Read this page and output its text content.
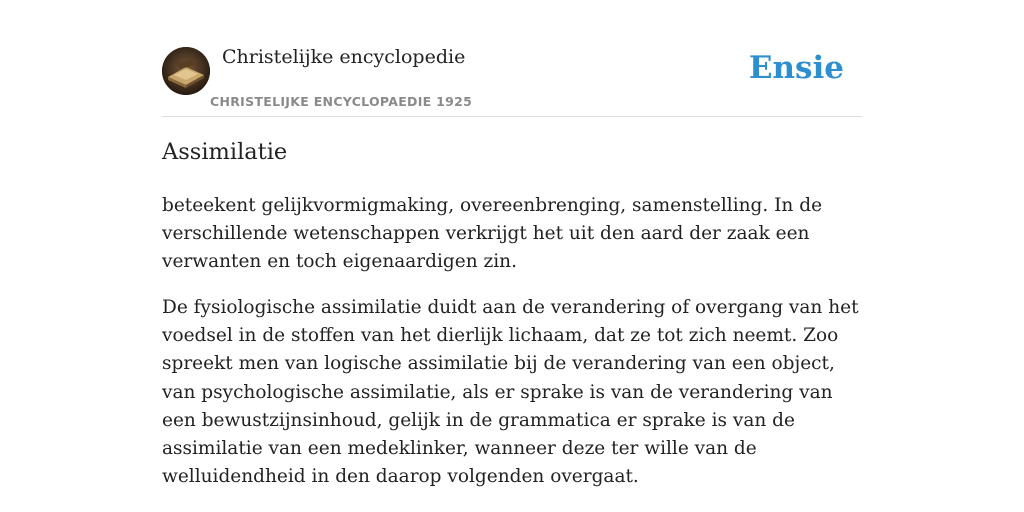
Christelijke encyclopedie
CHRISTELIJKE ENCYCLOPAEDIE 1925
Ensie
Assimilatie

beteekent gelijkvormigmaking, overeenbrenging, samenstelling. In de verschillende wetenschappen verkrijgt het uit den aard der zaak een verwanten en toch eigenaardigen zin.

De fysiologische assimilatie duidt aan de verandering of overgang van het voedsel in de stoffen van het dierlijk lichaam, dat ze tot zich neemt. Zoo spreekt men van logische assimilatie bij de verandering van een object, van psychologische assimilatie, als er sprake is van de verandering van een bewustzijnsinhoud, gelijk in de grammatica er sprake is van de assimilatie van een medeklinker, wanneer deze ter wille van de welluidendheid in den daarop volgenden overgaat.
